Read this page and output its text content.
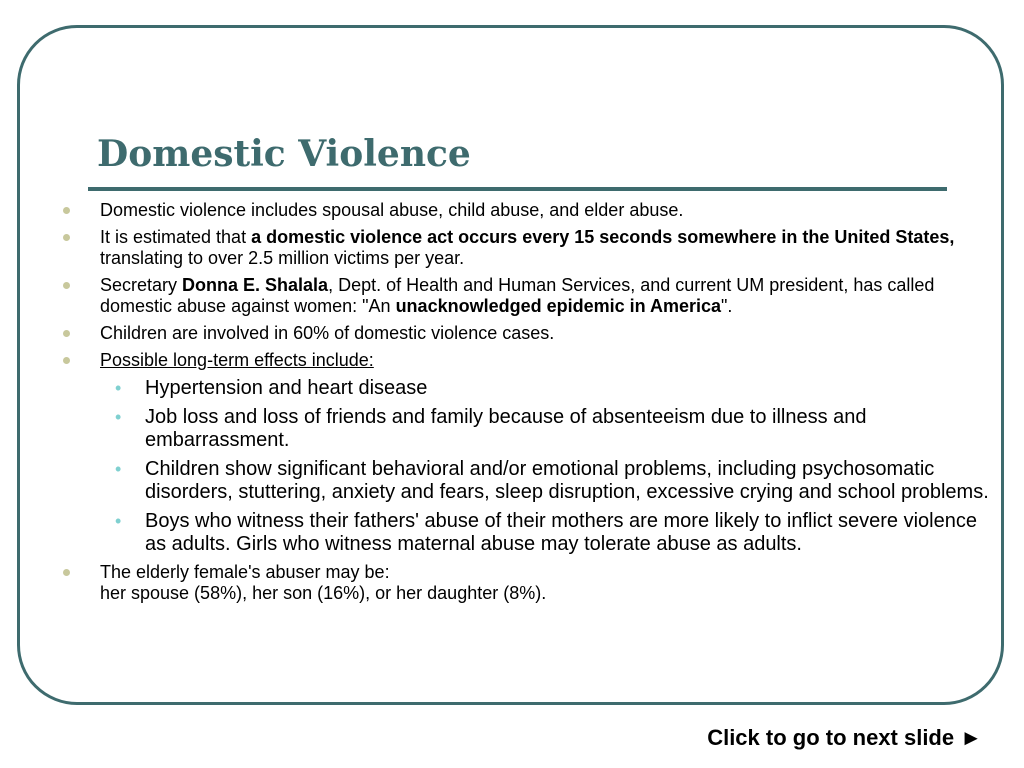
Domestic Violence

Domestic violence includes spousal abuse, child abuse, and elder abuse.

It is estimated that a domestic violence act occurs every 15 seconds somewhere in the United States, translating to over 2.5 million victims per year.

Secretary Donna E. Shalala, Dept. of Health and Human Services, and current UM president, has called domestic abuse against women: "An unacknowledged epidemic in America".

Children are involved in 60% of domestic violence cases.

Possible long-term effects include:

• Hypertension and heart disease

• Job loss and loss of friends and family because of absenteeism due to illness and embarrassment.

• Children show significant behavioral and/or emotional problems, including psychosomatic disorders, stuttering, anxiety and fears, sleep disruption, excessive crying and school problems.

• Boys who witness their fathers' abuse of their mothers are more likely to inflict severe violence as adults. Girls who witness maternal abuse may tolerate abuse as adults.

The elderly female's abuser may be:
her spouse (58%), her son (16%), or her daughter (8%).

Click to go to next slide ►
